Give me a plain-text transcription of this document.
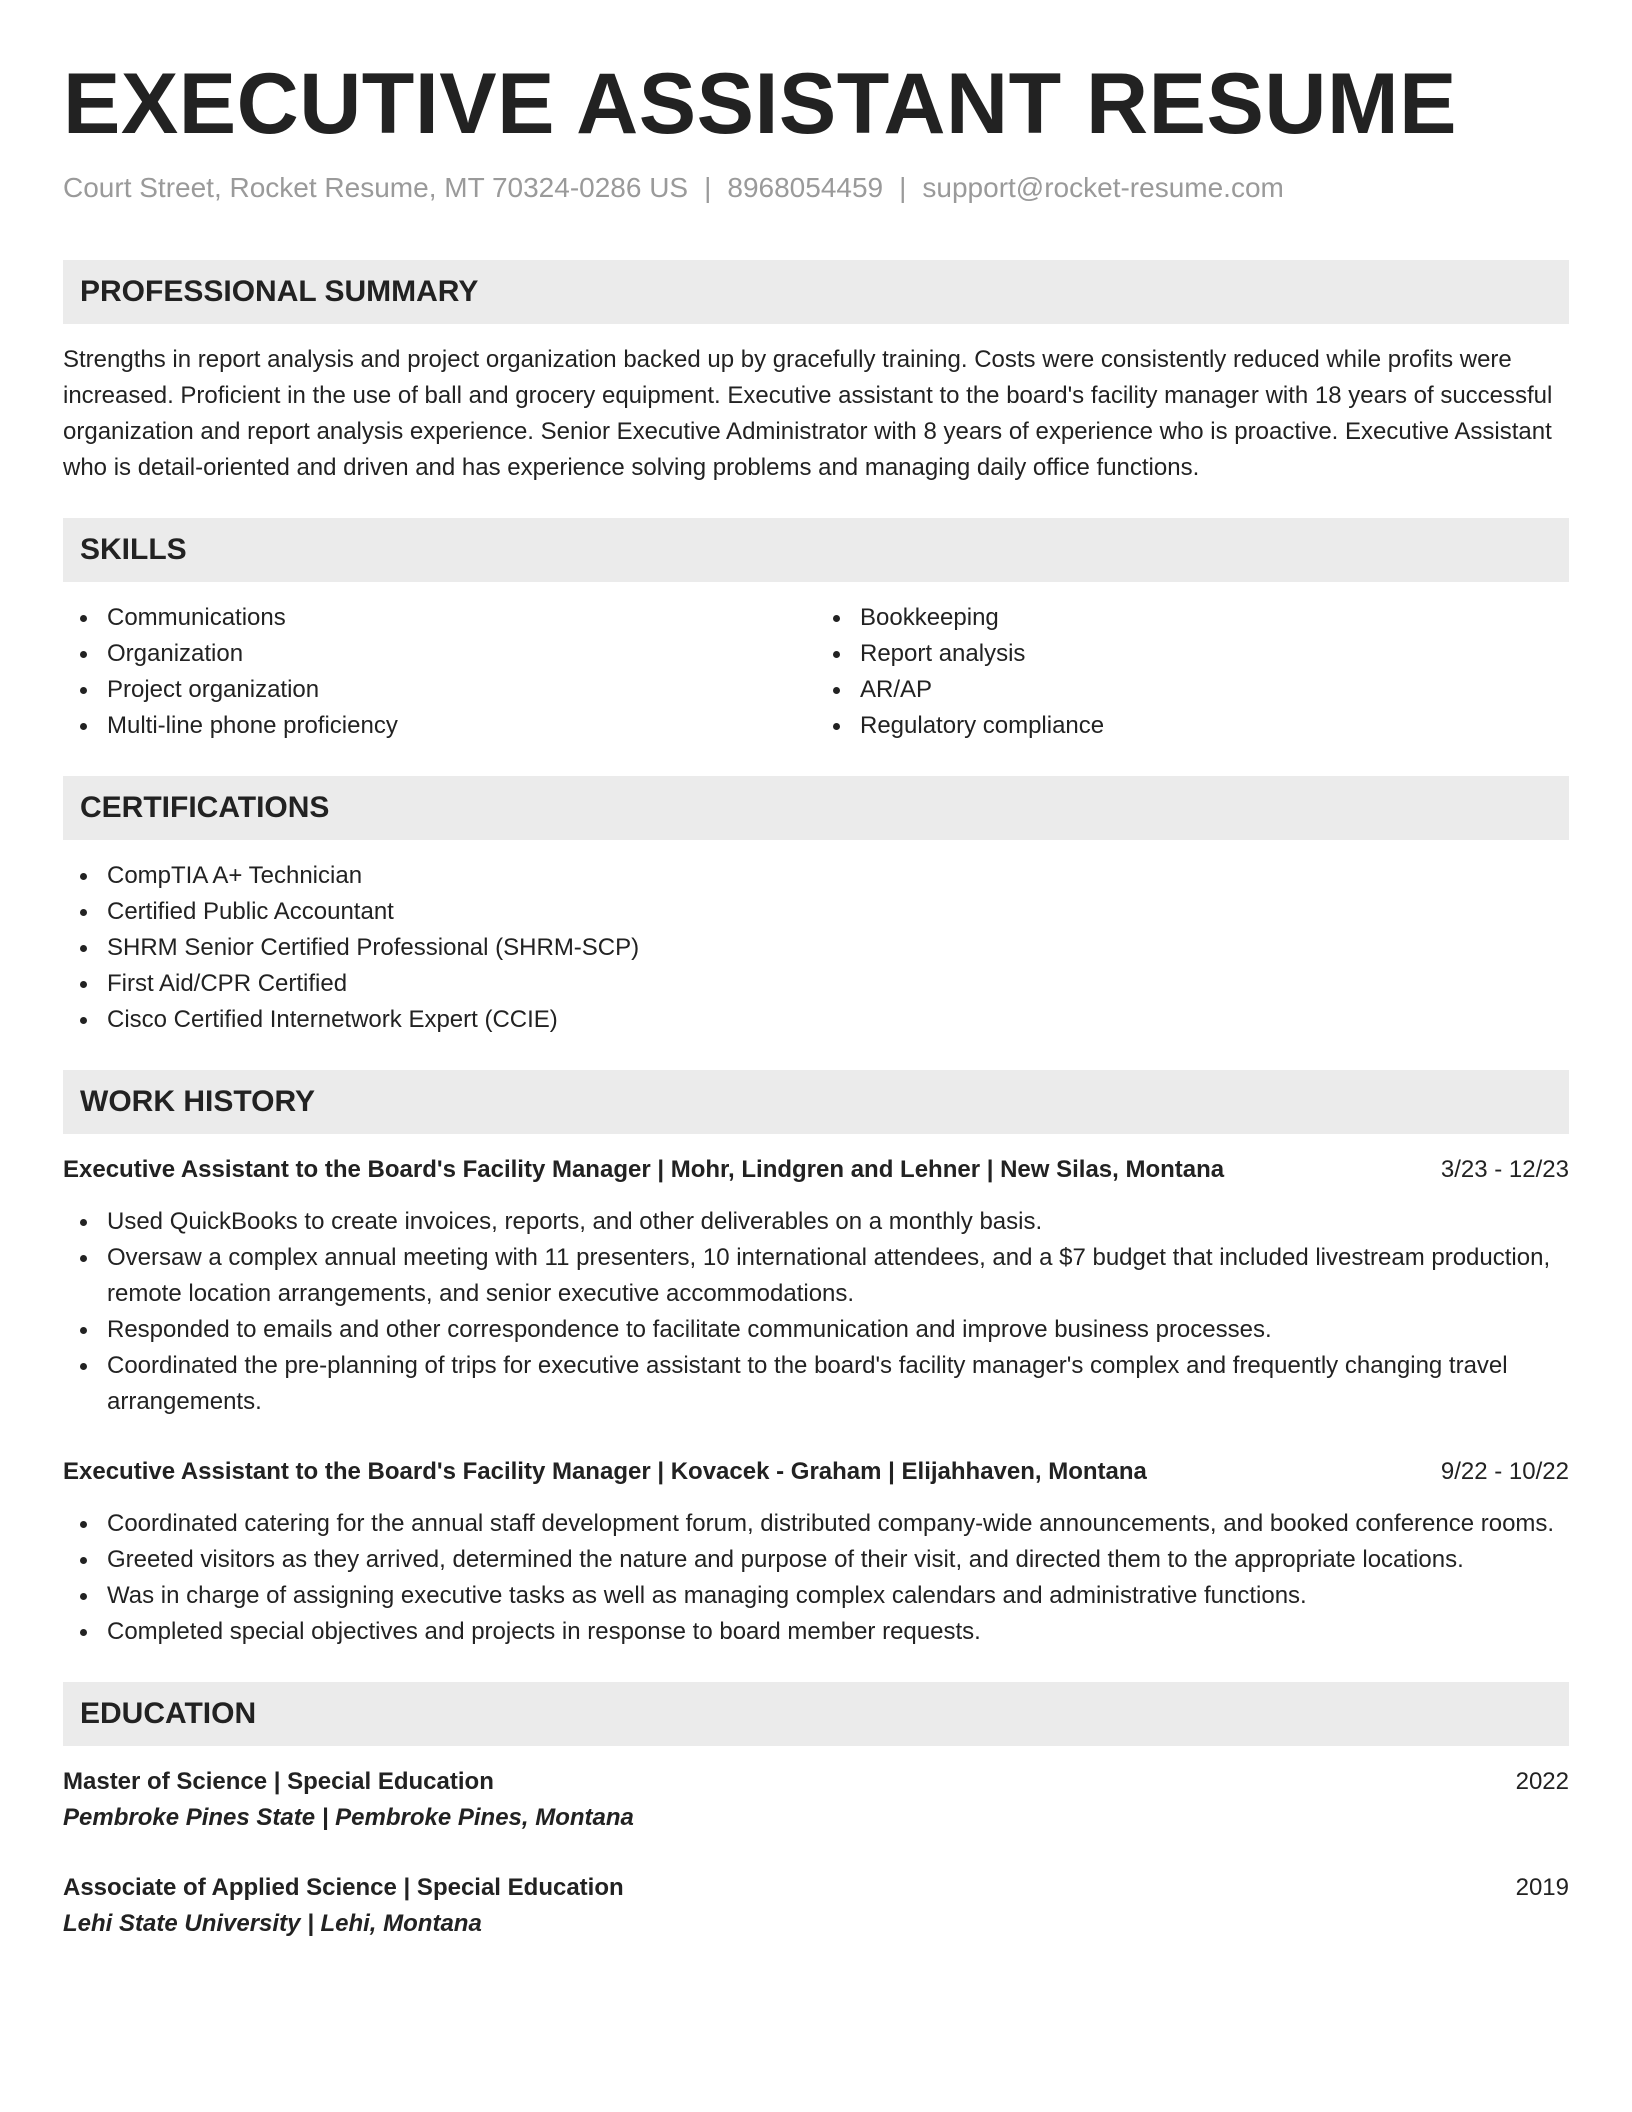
EXECUTIVE ASSISTANT RESUME
Court Street, Rocket Resume, MT 70324-0286 US | 8968054459 | support@rocket-resume.com
PROFESSIONAL SUMMARY

Strengths in report analysis and project organization backed up by gracefully training. Costs were consistently reduced while profits were increased. Proficient in the use of ball and grocery equipment. Executive assistant to the board's facility manager with 18 years of successful organization and report analysis experience. Senior Executive Administrator with 8 years of experience who is proactive. Executive Assistant who is detail-oriented and driven and has experience solving problems and managing daily office functions.

SKILLS
Communications
Organization
Project organization
Multi-line phone proficiency
Bookkeeping
Report analysis
AR/AP
Regulatory compliance
CERTIFICATIONS
CompTIA A+ Technician
Certified Public Accountant
SHRM Senior Certified Professional (SHRM-SCP)
First Aid/CPR Certified
Cisco Certified Internetwork Expert (CCIE)
WORK HISTORY
Executive Assistant to the Board's Facility Manager | Mohr, Lindgren and Lehner | New Silas, Montana	3/23 - 12/23
Used QuickBooks to create invoices, reports, and other deliverables on a monthly basis.
Oversaw a complex annual meeting with 11 presenters, 10 international attendees, and a $7 budget that included livestream production, remote location arrangements, and senior executive accommodations.
Responded to emails and other correspondence to facilitate communication and improve business processes.
Coordinated the pre-planning of trips for executive assistant to the board's facility manager's complex and frequently changing travel arrangements.
Executive Assistant to the Board's Facility Manager | Kovacek - Graham | Elijahhaven, Montana	9/22 - 10/22
Coordinated catering for the annual staff development forum, distributed company-wide announcements, and booked conference rooms.
Greeted visitors as they arrived, determined the nature and purpose of their visit, and directed them to the appropriate locations.
Was in charge of assigning executive tasks as well as managing complex calendars and administrative functions.
Completed special objectives and projects in response to board member requests.
EDUCATION
Master of Science | Special Education	2022
Pembroke Pines State | Pembroke Pines, Montana
Associate of Applied Science | Special Education	2019
Lehi State University | Lehi, Montana
